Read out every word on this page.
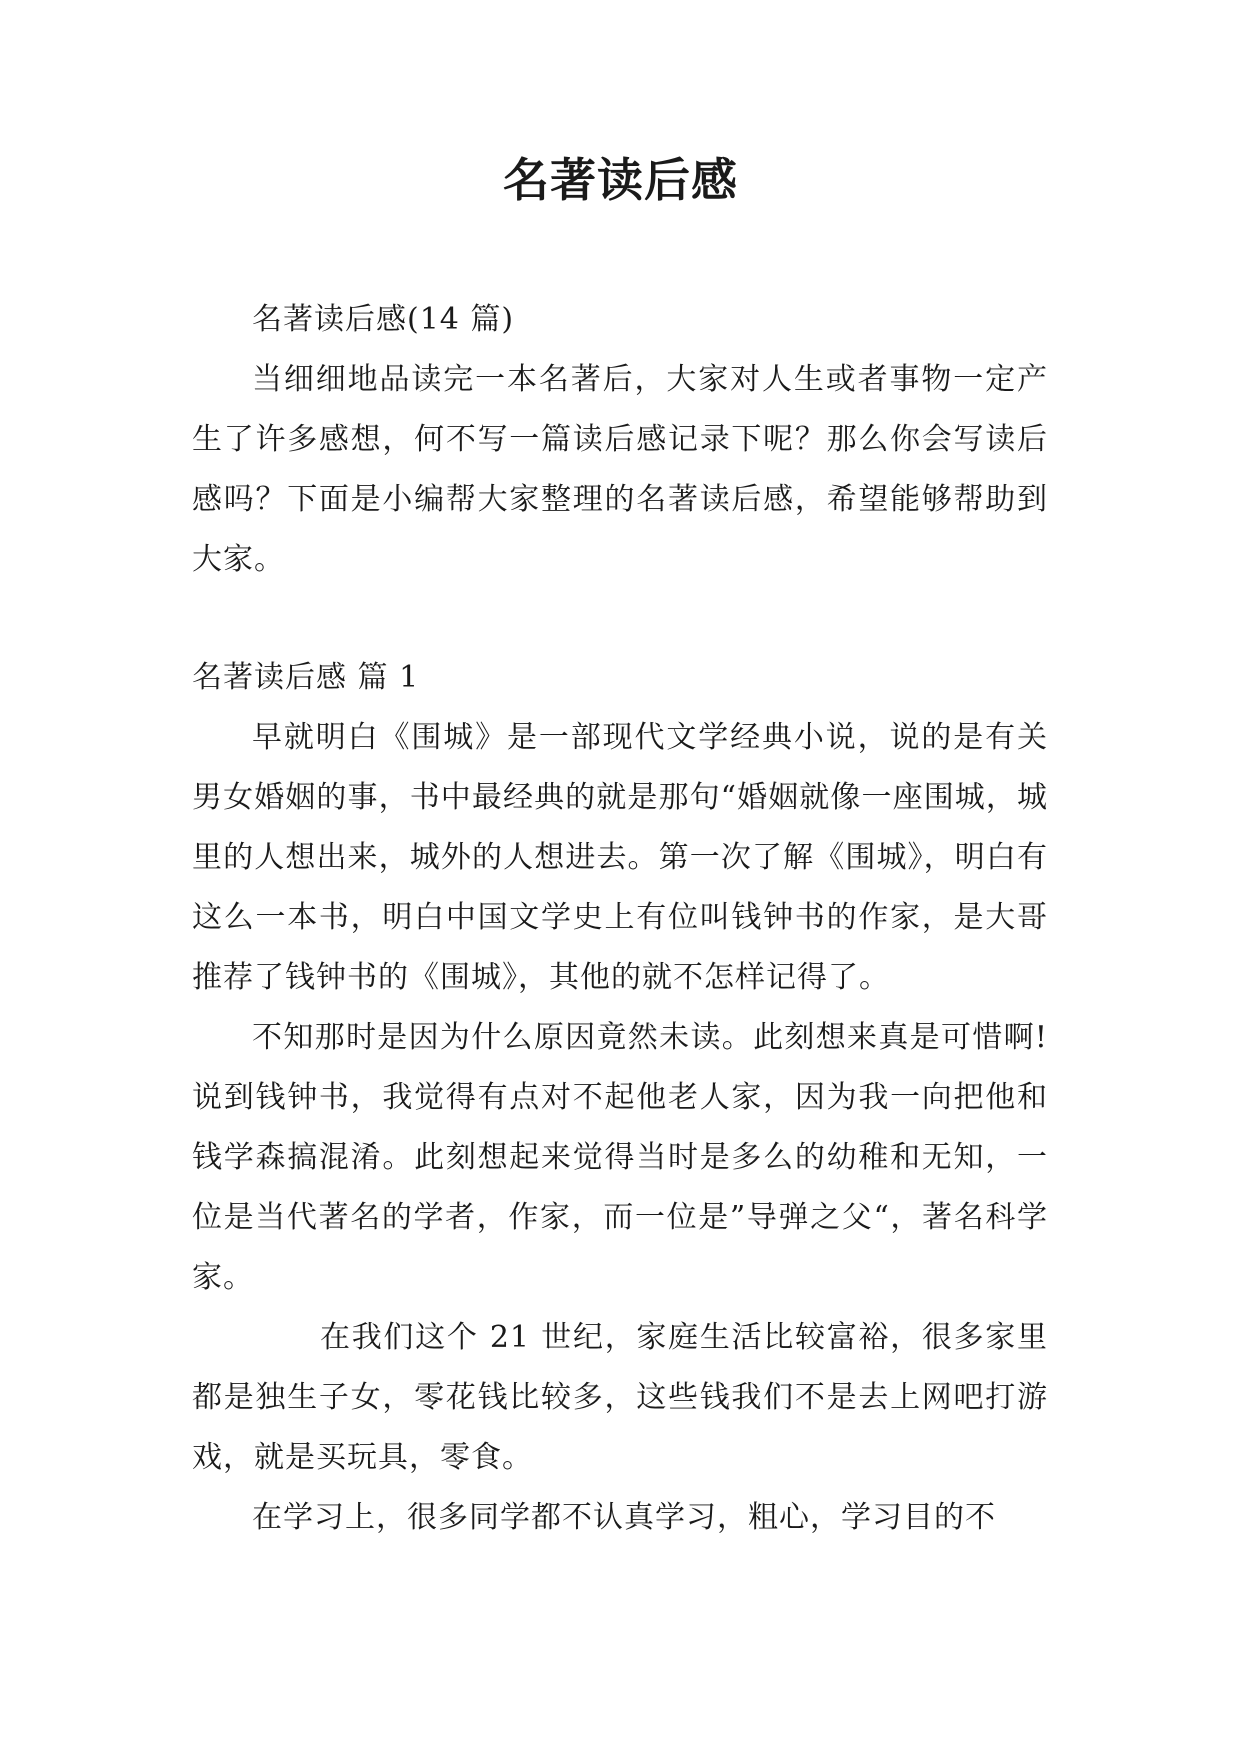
名著读后感

名著读后感(14 篇)

当细细地品读完一本名著后，大家对人生或者事物一定产生了许多感想，何不写一篇读后感记录下呢？那么你会写读后感吗？下面是小编帮大家整理的名著读后感，希望能够帮助到大家。

名著读后感 篇 1

早就明白《围城》是一部现代文学经典小说，说的是有关男女婚姻的事，书中最经典的就是那句“婚姻就像一座围城，城里的人想出来，城外的人想进去。第一次了解《围城》，明白有这么一本书，明白中国文学史上有位叫钱钟书的作家，是大哥推荐了钱钟书的《围城》，其他的就不怎样记得了。

不知那时是因为什么原因竟然未读。此刻想来真是可惜啊!说到钱钟书，我觉得有点对不起他老人家，因为我一向把他和钱学森搞混淆。此刻想起来觉得当时是多么的幼稚和无知，一位是当代著名的学者，作家，而一位是”导弹之父“，著名科学家。

在我们这个 21 世纪，家庭生活比较富裕，很多家里都是独生子女，零花钱比较多，这些钱我们不是去上网吧打游戏，就是买玩具，零食。

在学习上，很多同学都不认真学习，粗心，学习目的不
